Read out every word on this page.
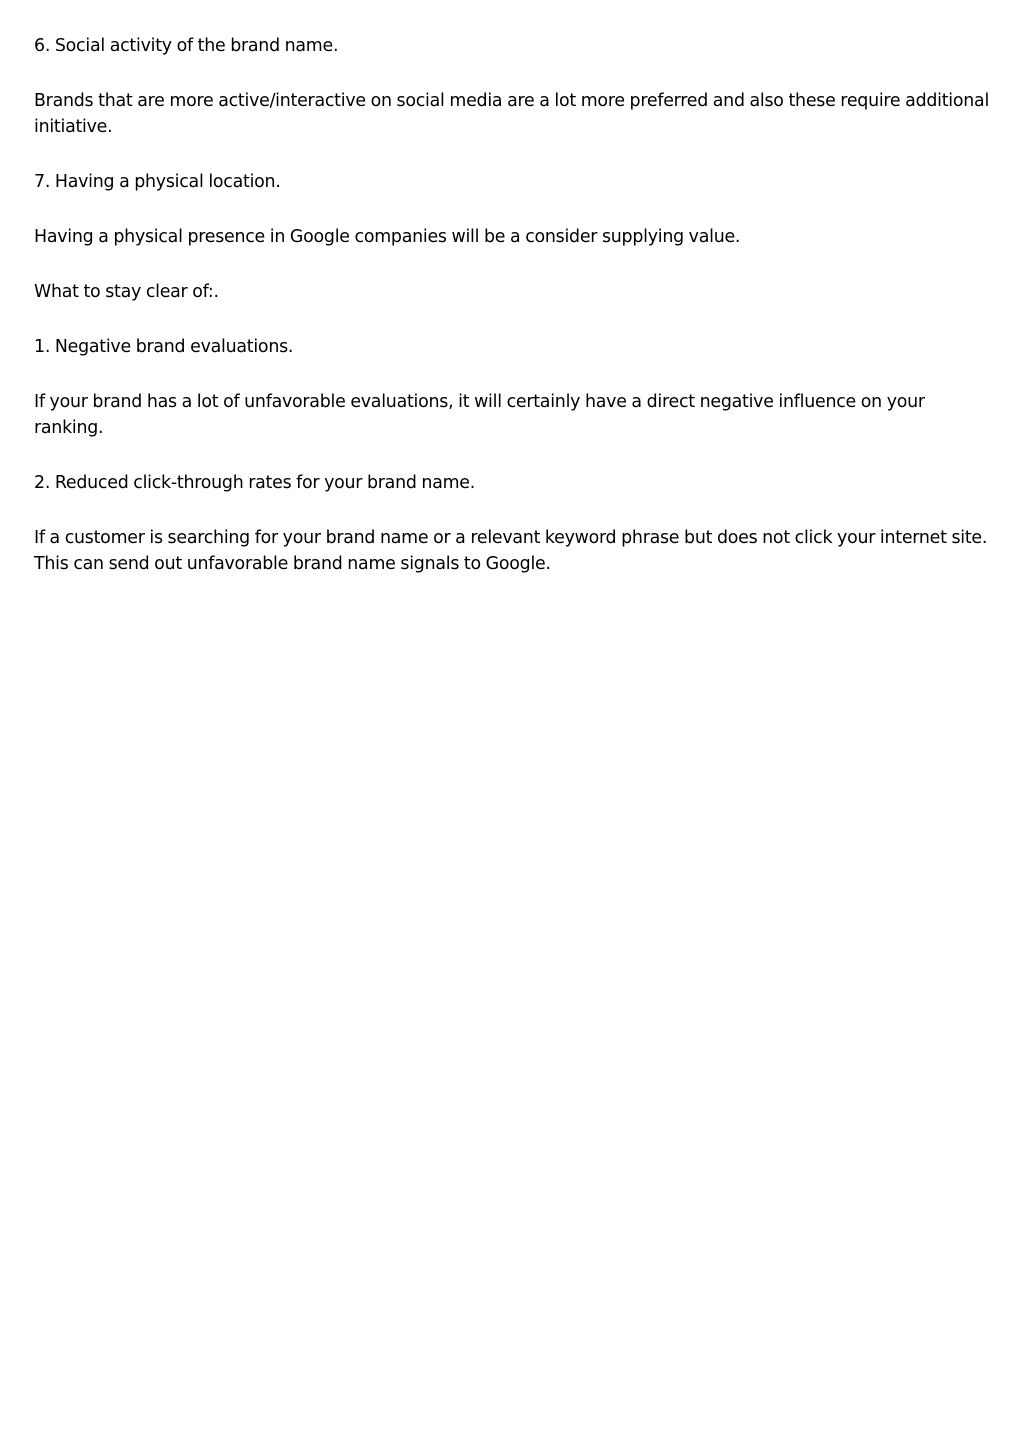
6. Social activity of the brand name.

Brands that are more active/interactive on social media are a lot more preferred and also these require additional initiative.

7. Having a physical location.

Having a physical presence in Google companies will be a consider supplying value.

What to stay clear of:.

1. Negative brand evaluations.

If your brand has a lot of unfavorable evaluations, it will certainly have a direct negative influence on your ranking.

2. Reduced click-through rates for your brand name.

If a customer is searching for your brand name or a relevant keyword phrase but does not click your internet site. This can send out unfavorable brand name signals to Google.
